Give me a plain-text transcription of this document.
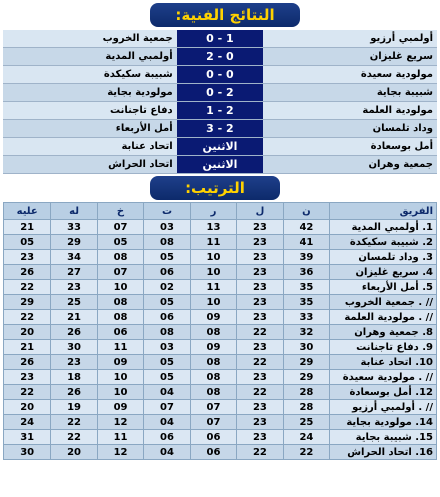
النتائج الفنية:
جمعية الخروب	0 - 1	أولمبي أرزيو
أولمبي المدية	2 - 0	سريع غليزان
شبيبة سكيكدة	0 - 0	مولودية سعيدة
مولودية بجاية	0 - 2	شبيبة بجاية
دفاع تاجنانت	1 - 2	مولودية العلمة
أمل الأربعاء	3 - 2	وداد تلمسان
اتحاد عنابة	الاثنين	أمل بوسعادة
اتحاد الحراش	الاثنين	جمعية وهران
الترتيب:
عليه	له	خ	ت	ر	ل	ن	الفريق
21	33	07	03	13	23	42	1. أولمبي المدية
05	29	05	08	11	23	41	2. شبيبة سكيكدة
23	34	08	05	10	23	39	3. وداد تلمسان
26	27	07	06	10	23	36	4. سريع غليزان
22	23	10	02	11	23	35	5. أمل الأربعاء
29	25	08	05	10	23	35	// . جمعية الخروب
22	21	08	06	09	23	33	// . مولودية العلمة
20	26	06	08	08	22	32	8. جمعية وهران
21	30	11	03	09	23	30	9. دفاع تاجنانت
26	23	09	05	08	22	29	10. اتحاد عنابة
23	18	10	05	08	23	29	// . مولودية سعيدة
22	26	10	04	08	22	28	12. أمل بوسعادة
20	19	09	07	07	23	28	// . أولمبي أرزيو
24	22	12	04	07	23	25	14. مولودية بجاية
31	22	11	06	06	23	24	15. شبيبة بجاية
30	20	12	04	06	22	22	16. اتحاد الحراش
